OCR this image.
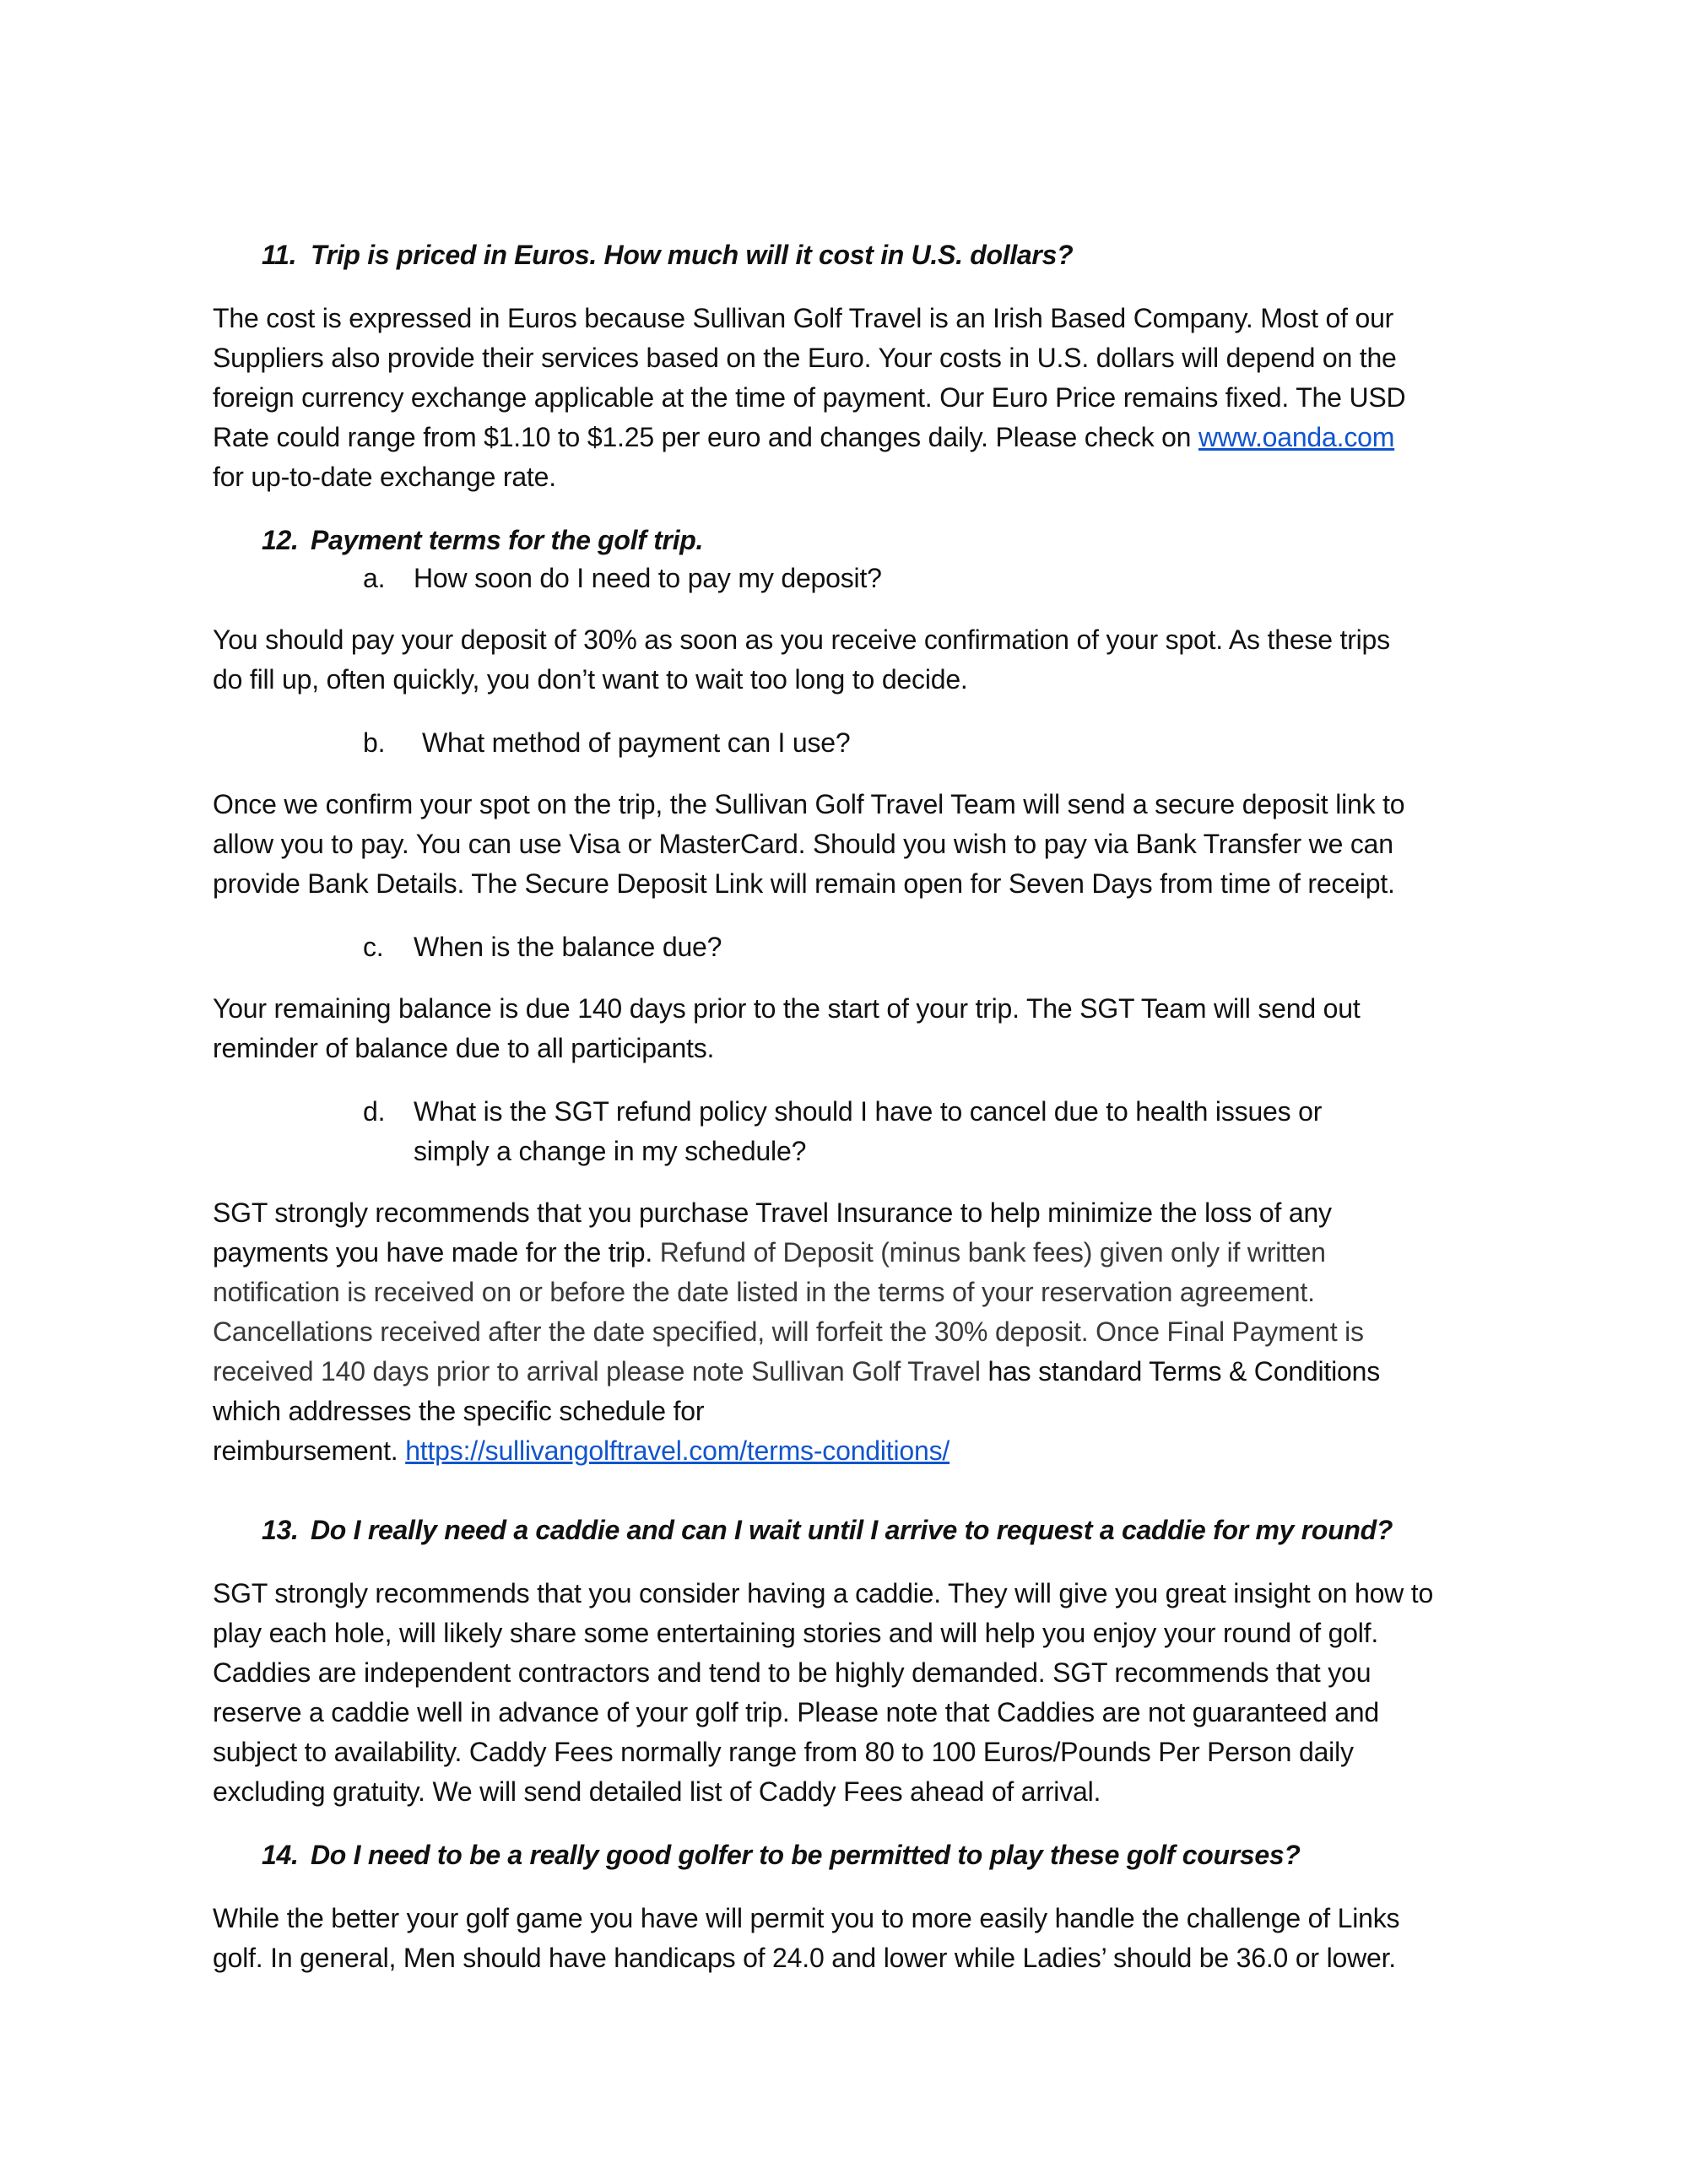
11. Trip is priced in Euros. How much will it cost in U.S. dollars?
The cost is expressed in Euros because Sullivan Golf Travel is an Irish Based Company. Most of our
Suppliers also provide their services based on the Euro. Your costs in U.S. dollars will depend on the
foreign currency exchange applicable at the time of payment. Our Euro Price remains fixed. The USD
Rate could range from $1.10 to $1.25 per euro and changes daily. Please check on www.oanda.com
for up-to-date exchange rate.
12. Payment terms for the golf trip.
a. How soon do I need to pay my deposit?
You should pay your deposit of 30% as soon as you receive confirmation of your spot. As these trips
do fill up, often quickly, you don’t want to wait too long to decide.
b. What method of payment can I use?
Once we confirm your spot on the trip, the Sullivan Golf Travel Team will send a secure deposit link to
allow you to pay. You can use Visa or MasterCard. Should you wish to pay via Bank Transfer we can
provide Bank Details. The Secure Deposit Link will remain open for Seven Days from time of receipt.
c. When is the balance due?
Your remaining balance is due 140 days prior to the start of your trip. The SGT Team will send out
reminder of balance due to all participants.
d. What is the SGT refund policy should I have to cancel due to health issues or
simply a change in my schedule?
SGT strongly recommends that you purchase Travel Insurance to help minimize the loss of any
payments you have made for the trip. Refund of Deposit (minus bank fees) given only if written
notification is received on or before the date listed in the terms of your reservation agreement.
Cancellations received after the date specified, will forfeit the 30% deposit. Once Final Payment is
received 140 days prior to arrival please note Sullivan Golf Travel has standard Terms & Conditions
which addresses the specific schedule for
reimbursement. https://sullivangolftravel.com/terms-conditions/
13. Do I really need a caddie and can I wait until I arrive to request a caddie for my round?
SGT strongly recommends that you consider having a caddie. They will give you great insight on how to
play each hole, will likely share some entertaining stories and will help you enjoy your round of golf.
Caddies are independent contractors and tend to be highly demanded. SGT recommends that you
reserve a caddie well in advance of your golf trip. Please note that Caddies are not guaranteed and
subject to availability. Caddy Fees normally range from 80 to 100 Euros/Pounds Per Person daily
excluding gratuity. We will send detailed list of Caddy Fees ahead of arrival.
14. Do I need to be a really good golfer to be permitted to play these golf courses?
While the better your golf game you have will permit you to more easily handle the challenge of Links
golf. In general, Men should have handicaps of 24.0 and lower while Ladies’ should be 36.0 or lower.
